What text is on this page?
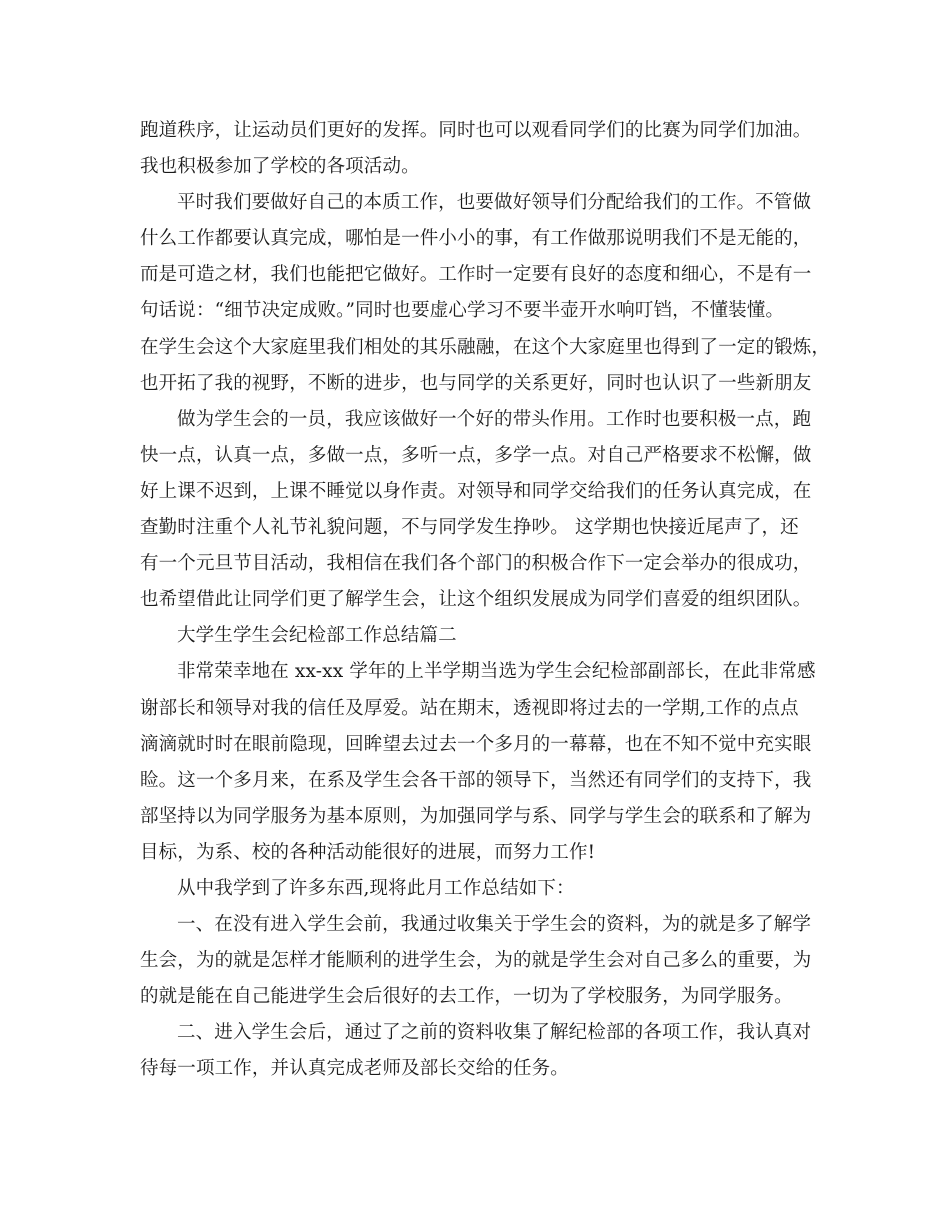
跑道秩序，让运动员们更好的发挥。同时也可以观看同学们的比赛为同学们加油。
我也积极参加了学校的各项活动。
平时我们要做好自己的本质工作，也要做好领导们分配给我们的工作。不管做
什么工作都要认真完成，哪怕是一件小小的事，有工作做那说明我们不是无能的，
而是可造之材，我们也能把它做好。工作时一定要有良好的态度和细心，不是有一
句话说：“细节决定成败。”同时也要虚心学习不要半壶开水响叮铛，不懂装懂。
在学生会这个大家庭里我们相处的其乐融融，在这个大家庭里也得到了一定的锻炼，
也开拓了我的视野，不断的进步，也与同学的关系更好，同时也认识了一些新朋友
做为学生会的一员，我应该做好一个好的带头作用。工作时也要积极一点，跑
快一点，认真一点，多做一点，多听一点，多学一点。对自己严格要求不松懈，做
好上课不迟到，上课不睡觉以身作责。对领导和同学交给我们的任务认真完成，在
查勤时注重个人礼节礼貌问题，不与同学发生挣吵。 这学期也快接近尾声了，还
有一个元旦节目活动，我相信在我们各个部门的积极合作下一定会举办的很成功，
也希望借此让同学们更了解学生会，让这个组织发展成为同学们喜爱的组织团队。
大学生学生会纪检部工作总结篇二
非常荣幸地在 xx-xx 学年的上半学期当选为学生会纪检部副部长，在此非常感
谢部长和领导对我的信任及厚爱。站在期末，透视即将过去的一学期,工作的点点
滴滴就时时在眼前隐现，回眸望去过去一个多月的一幕幕，也在不知不觉中充实眼
睑。这一个多月来，在系及学生会各干部的领导下，当然还有同学们的支持下，我
部坚持以为同学服务为基本原则，为加强同学与系、同学与学生会的联系和了解为
目标，为系、校的各种活动能很好的进展，而努力工作!
从中我学到了许多东西,现将此月工作总结如下：
一、在没有进入学生会前，我通过收集关于学生会的资料，为的就是多了解学
生会，为的就是怎样才能顺利的进学生会，为的就是学生会对自己多么的重要，为
的就是能在自己能进学生会后很好的去工作，一切为了学校服务，为同学服务。
二、进入学生会后，通过了之前的资料收集了解纪检部的各项工作，我认真对
待每一项工作，并认真完成老师及部长交给的任务。
